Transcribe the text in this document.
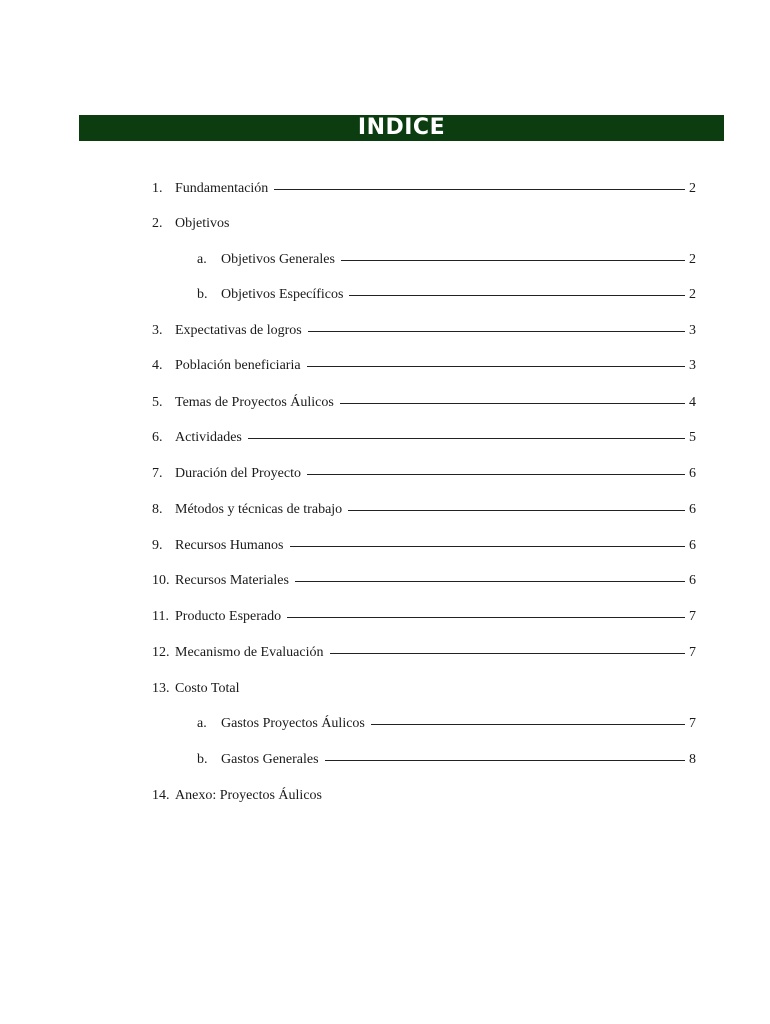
INDICE
1. Fundamentación	2
2. Objetivos
a.	Objetivos Generales	2
b. Objetivos Específicos	2
3. Expectativas de logros	3
4. Población beneficiaria	3
5. Temas de Proyectos Áulicos	4
6. Actividades	5
7. Duración del Proyecto	6
8. Métodos y técnicas de trabajo	6
9. Recursos Humanos	6
10. Recursos Materiales	6
11. Producto Esperado	7
12. Mecanismo de Evaluación	7
13. Costo Total
a.	Gastos Proyectos Áulicos	7
b. Gastos Generales	8
14. Anexo: Proyectos Áulicos
